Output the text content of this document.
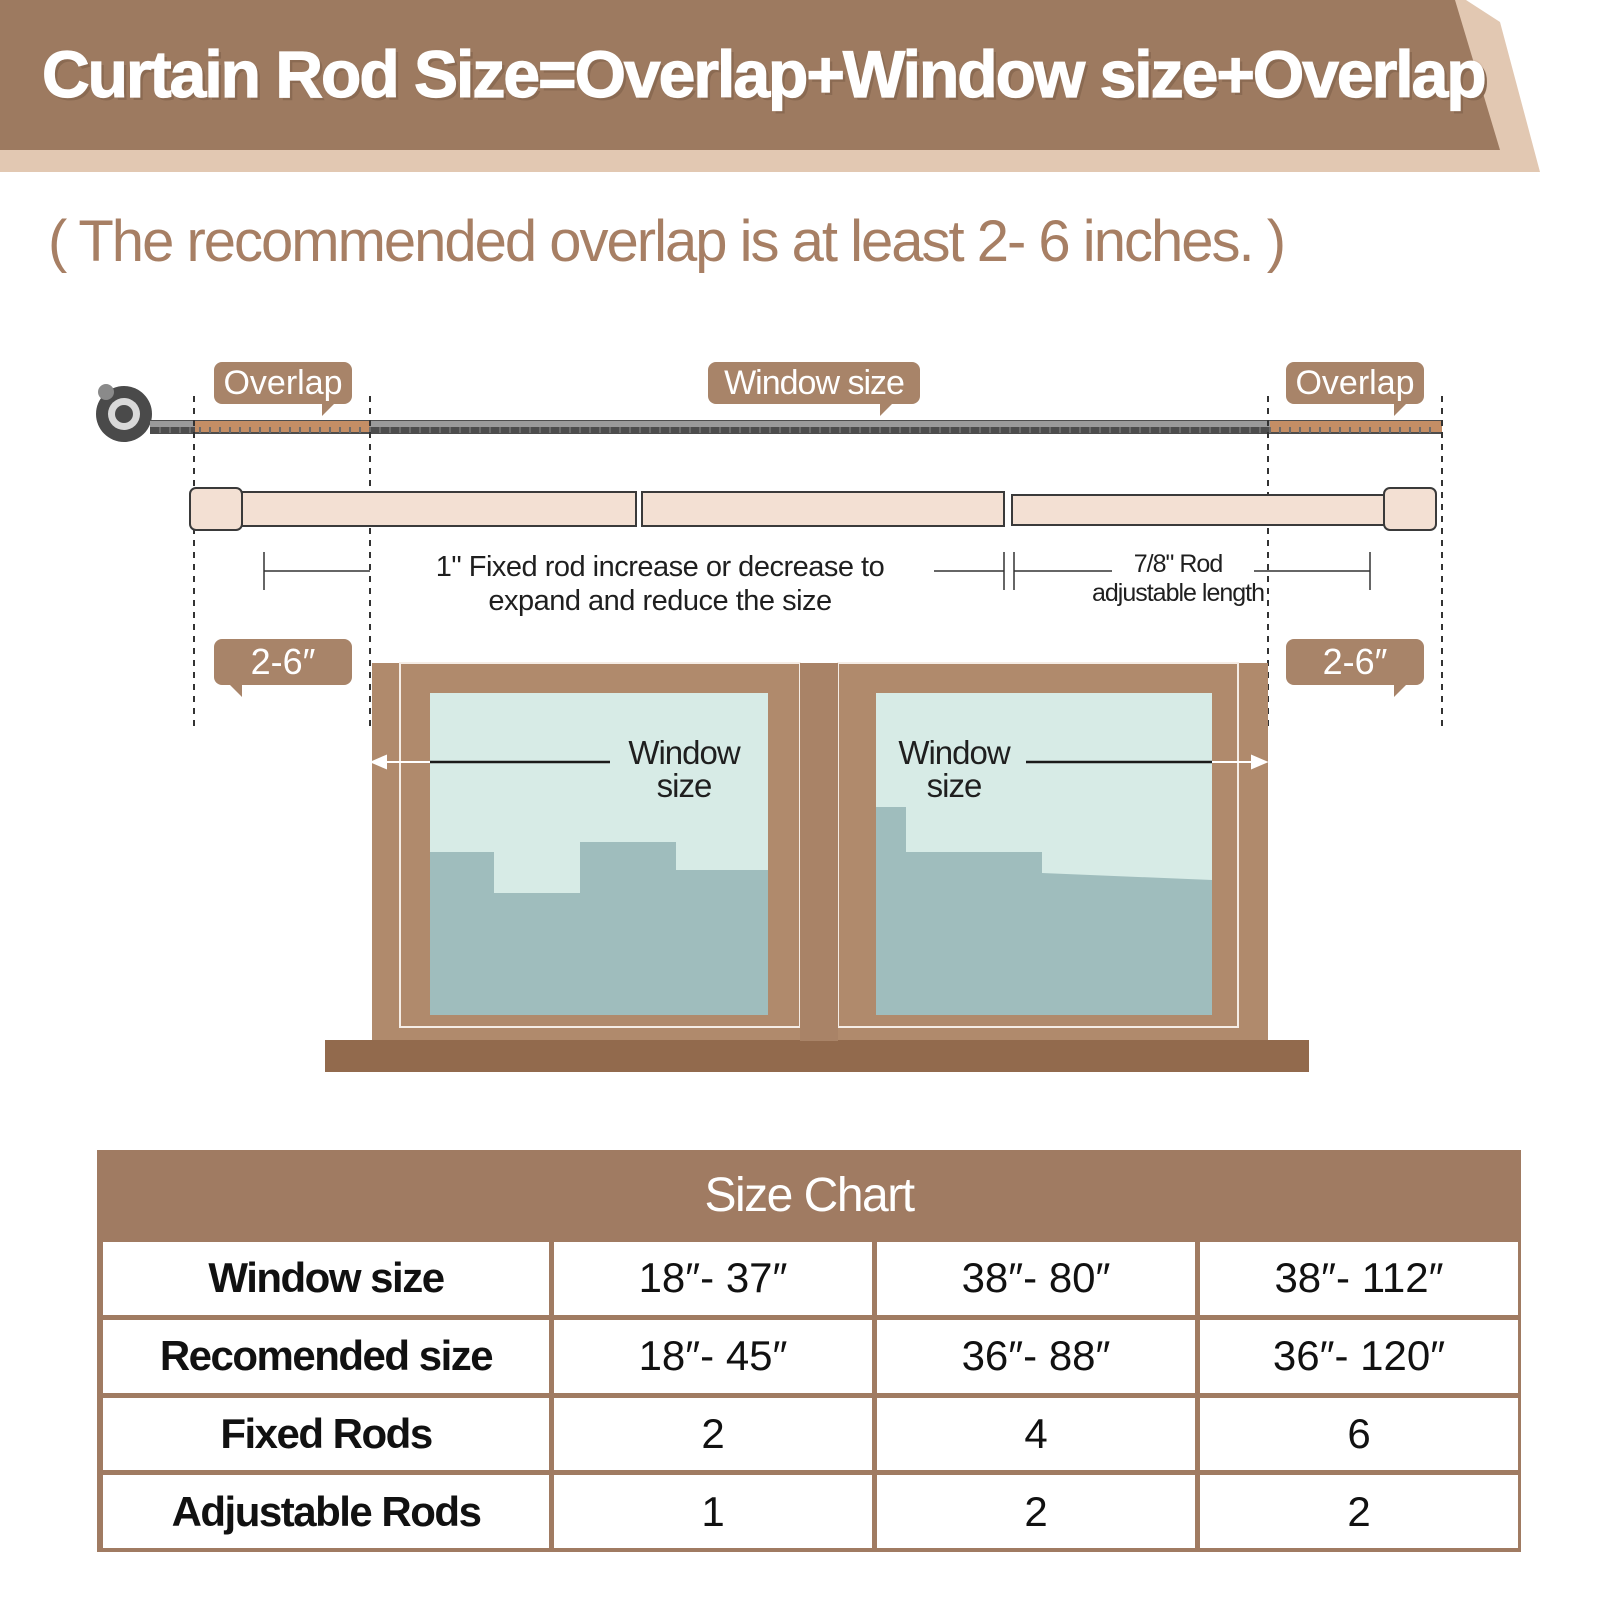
Curtain Rod Size=Overlap+Window size+Overlap
( The recommended overlap is at least 2- 6 inches. )
Overlap	Window size	Overlap
2-6″	2-6″
1" Fixed rod increase or decrease to
expand and reduce the size
7/8" Rod
adjustable length
Window
size
Window
size
Size Chart
Window size	18″- 37″	38″- 80″	38″- 112″
Recomended size	18″- 45″	36″- 88″	36″- 120″
Fixed Rods	2	4	6
Adjustable Rods	1	2	2
